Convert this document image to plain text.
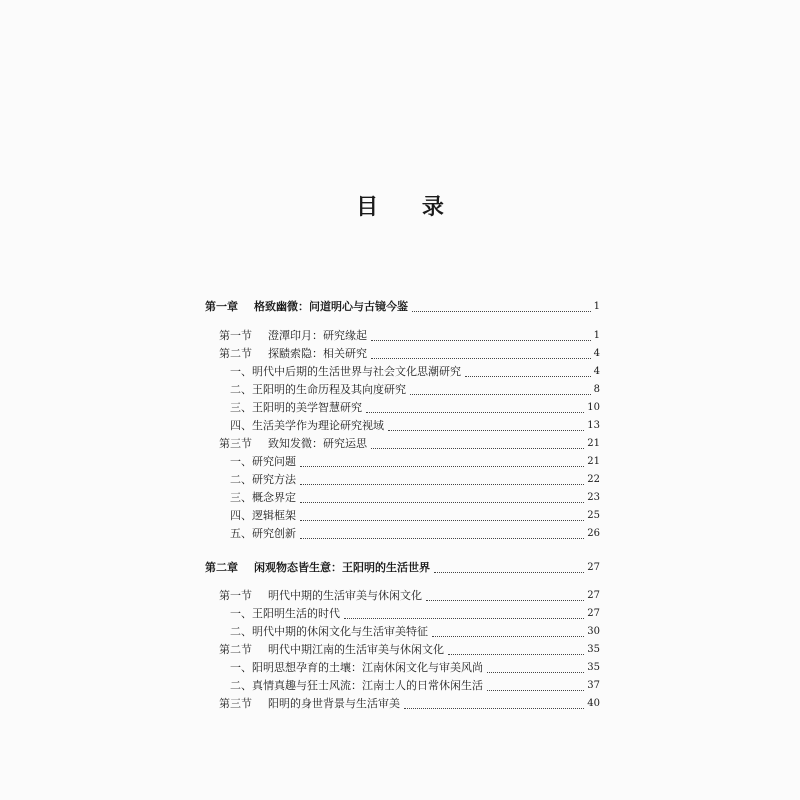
目 录
第一章 格致幽微：问道明心与古镜今鉴	1
第一节 澄潭印月：研究缘起	1
第二节 探赜索隐：相关研究	4
一、明代中后期的生活世界与社会文化思潮研究	4
二、王阳明的生命历程及其向度研究	8
三、王阳明的美学智慧研究	10
四、生活美学作为理论研究视域	13
第三节 致知发微：研究运思	21
一、研究问题	21
二、研究方法	22
三、概念界定	23
四、逻辑框架	25
五、研究创新	26
第二章 闲观物态皆生意：王阳明的生活世界	27
第一节 明代中期的生活审美与休闲文化	27
一、王阳明生活的时代	27
二、明代中期的休闲文化与生活审美特征	30
第二节 明代中期江南的生活审美与休闲文化	35
一、阳明思想孕育的土壤：江南休闲文化与审美风尚	35
二、真情真趣与狂士风流：江南士人的日常休闲生活	37
第三节 阳明的身世背景与生活审美	40
